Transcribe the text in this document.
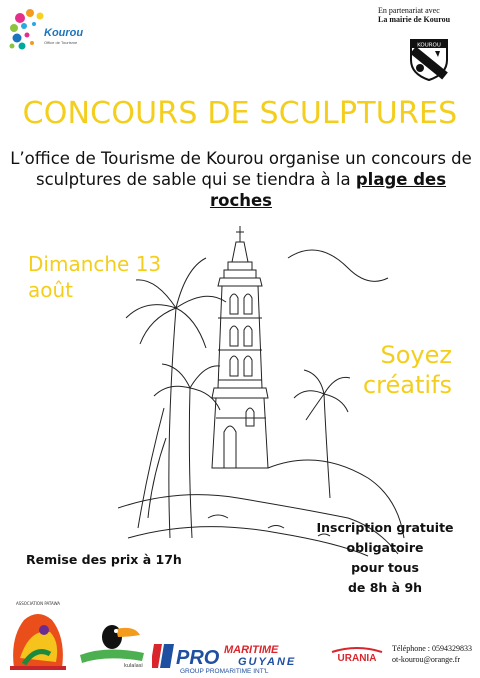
Kourou
Office de Tourisme
En partenariat avec
La mairie de Kourou
KOUROU
CONCOURS DE SCULPTURES
L’office de Tourisme de Kourou organise un concours de sculptures de sable qui se tiendra à la plage des roches
Dimanche 13
août
Soyez
créatifs
Inscription gratuite
obligatoire
pour tous
de 8h à 9h
Remise des prix à 17h
ASSOCIATION PATAWA
kulalasi PRO MARITIME
GUYANE
GROUP PROMARITIME INT'L
URANIA
Téléphone : 0594329833
ot-kourou@orange.fr
